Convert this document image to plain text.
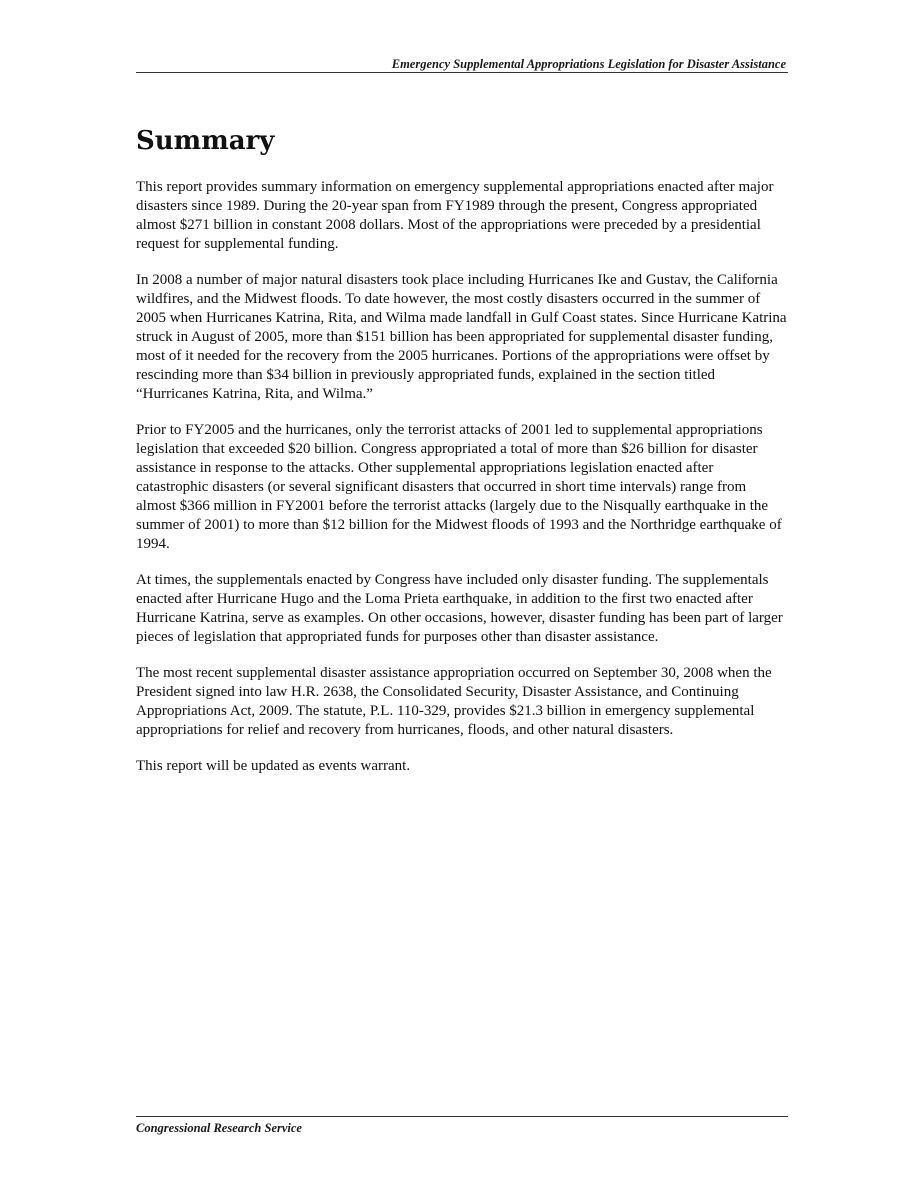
Emergency Supplemental Appropriations Legislation for Disaster Assistance
Summary

This report provides summary information on emergency supplemental appropriations enacted after major disasters since 1989. During the 20-year span from FY1989 through the present, Congress appropriated almost $271 billion in constant 2008 dollars. Most of the appropriations were preceded by a presidential request for supplemental funding.

In 2008 a number of major natural disasters took place including Hurricanes Ike and Gustav, the California wildfires, and the Midwest floods. To date however, the most costly disasters occurred in the summer of 2005 when Hurricanes Katrina, Rita, and Wilma made landfall in Gulf Coast states. Since Hurricane Katrina struck in August of 2005, more than $151 billion has been appropriated for supplemental disaster funding, most of it needed for the recovery from the 2005 hurricanes. Portions of the appropriations were offset by rescinding more than $34 billion in previously appropriated funds, explained in the section titled “Hurricanes Katrina, Rita, and Wilma.”

Prior to FY2005 and the hurricanes, only the terrorist attacks of 2001 led to supplemental appropriations legislation that exceeded $20 billion. Congress appropriated a total of more than $26 billion for disaster assistance in response to the attacks. Other supplemental appropriations legislation enacted after catastrophic disasters (or several significant disasters that occurred in short time intervals) range from almost $366 million in FY2001 before the terrorist attacks (largely due to the Nisqually earthquake in the summer of 2001) to more than $12 billion for the Midwest floods of 1993 and the Northridge earthquake of 1994.

At times, the supplementals enacted by Congress have included only disaster funding. The supplementals enacted after Hurricane Hugo and the Loma Prieta earthquake, in addition to the first two enacted after Hurricane Katrina, serve as examples. On other occasions, however, disaster funding has been part of larger pieces of legislation that appropriated funds for purposes other than disaster assistance.

The most recent supplemental disaster assistance appropriation occurred on September 30, 2008 when the President signed into law H.R. 2638, the Consolidated Security, Disaster Assistance, and Continuing Appropriations Act, 2009. The statute, P.L. 110-329, provides $21.3 billion in emergency supplemental appropriations for relief and recovery from hurricanes, floods, and other natural disasters.

This report will be updated as events warrant.

Congressional Research Service
